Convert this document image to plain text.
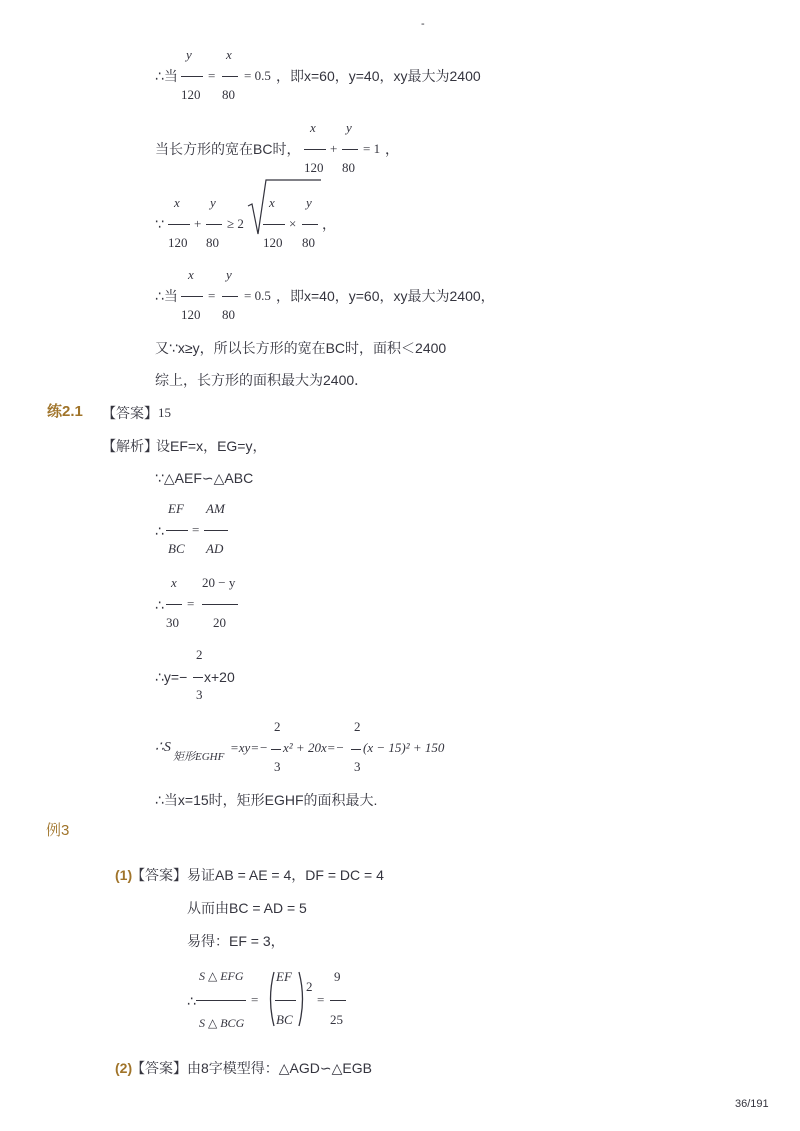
-
36/191
∴当
y
120
=
x
80
= 0.5 ，即x=60，y=40，xy最大为2400
当长方形的宽在BC时，
x
120
+
y
80
= 1 ，
∵
x
120
+
y
80
≥ 2
x
120
×
y
80
，
∴当
x
120
=
y
80
= 0.5 ，即x=40，y=60，xy最大为2400，
又∵x≥y，所以长方形的宽在BC时，面积＜2400
综上，长方形的面积最大为2400．
练2.1 【答案】 15
【解析】
设EF=x，EG=y，
∵△AEF∽△ABC
∴
EF
BC
=
AM
AD
∴
x
30
=
20 − y
20
∴y=−
2
3
x+20
∴S
矩形EGHF
=xy=−
2
3
x² + 20x=−
2
3
(x − 15)² + 150
∴当x=15时，矩形EGHF的面积最大.
例3
(1)
【答案】 易证AB = AE = 4，DF = DC = 4
从而由BC = AD = 5
易得：EF = 3，
∴
S △ EFG
S △ BCG
=
EF
BC
2
=
9
25
(2)
【答案】 由8字模型得：△AGD∽△EGB
